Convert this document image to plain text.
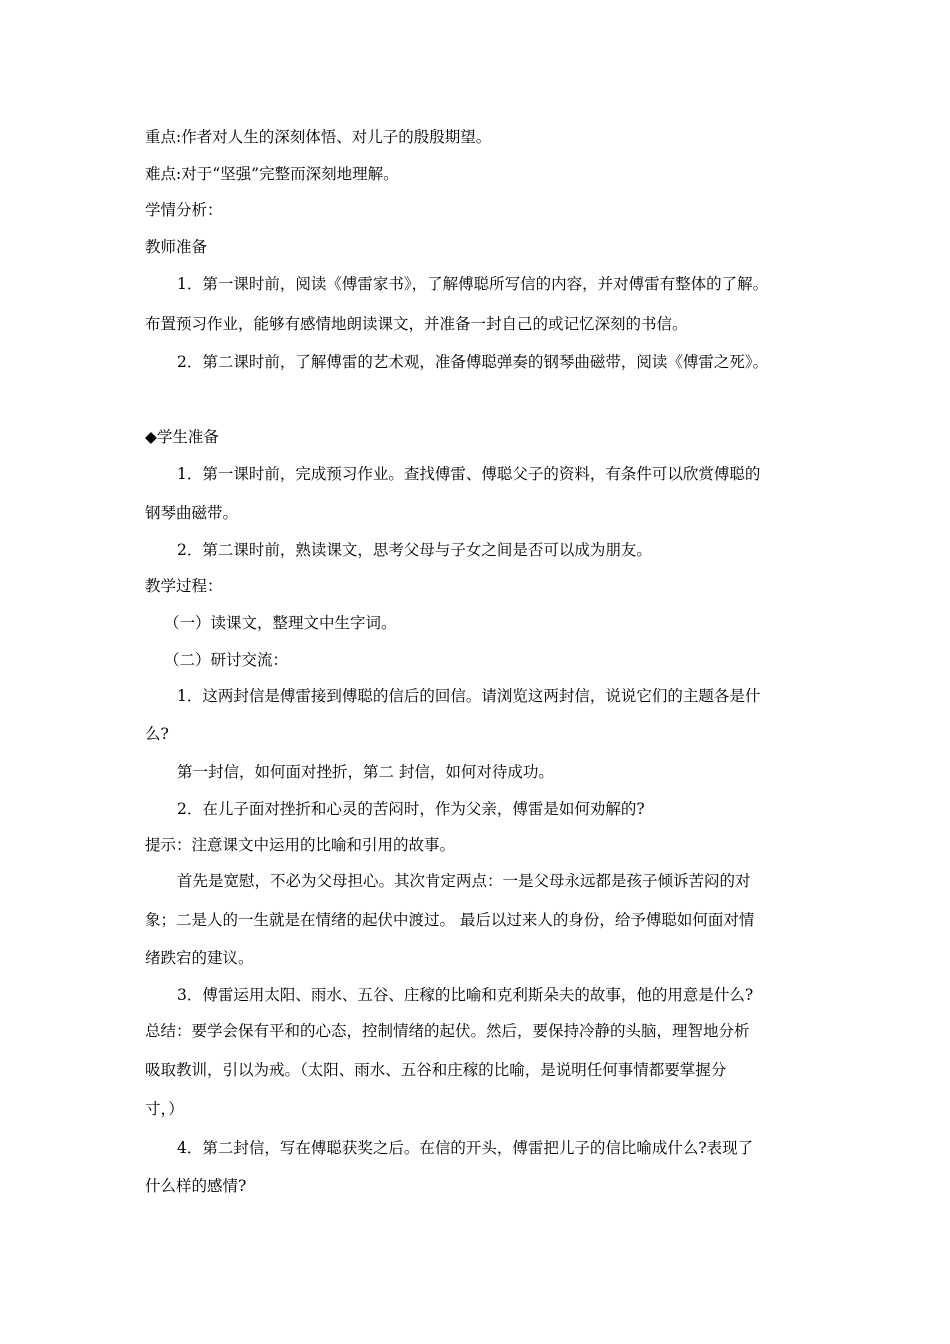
重点:作者对人生的深刻体悟、对儿子的殷殷期望。
难点:对于“坚强”完整而深刻地理解。
学情分析：
教师准备
1．第一课时前，阅读《傅雷家书》，了解傅聪所写信的内容，并对傅雷有整体的了解。
布置预习作业，能够有感情地朗读课文，并准备一封自己的或记忆深刻的书信。
2．第二课时前，了解傅雷的艺术观，准备傅聪弹奏的钢琴曲磁带，阅读《傅雷之死》。
◆学生准备
1．第一课时前，完成预习作业。查找傅雷、傅聪父子的资料，有条件可以欣赏傅聪的
钢琴曲磁带。
2．第二课时前，熟读课文，思考父母与子女之间是否可以成为朋友。
教学过程：
（一）读课文，整理文中生字词。
（二）研讨交流：
1．这两封信是傅雷接到傅聪的信后的回信。请浏览这两封信，说说它们的主题各是什
么?
第一封信，如何面对挫折，第二 封信，如何对待成功。
2．在儿子面对挫折和心灵的苦闷时，作为父亲，傅雷是如何劝解的?
提示：注意课文中运用的比喻和引用的故事。
首先是宽慰，不必为父母担心。其次肯定两点：一是父母永远都是孩子倾诉苦闷的对
象；二是人的一生就是在情绪的起伏中渡过。 最后以过来人的身份，给予傅聪如何面对情
绪跌宕的建议。
3．傅雷运用太阳、雨水、五谷、庄稼的比喻和克利斯朵夫的故事，他的用意是什么?
总结：要学会保有平和的心态，控制情绪的起伏。然后，要保持冷静的头脑，理智地分析
吸取教训，引以为戒。（太阳、雨水、五谷和庄稼的比喻，是说明任何事情都要掌握分
寸，）
4．第二封信，写在傅聪获奖之后。在信的开头，傅雷把儿子的信比喻成什么?表现了
什么样的感情?
